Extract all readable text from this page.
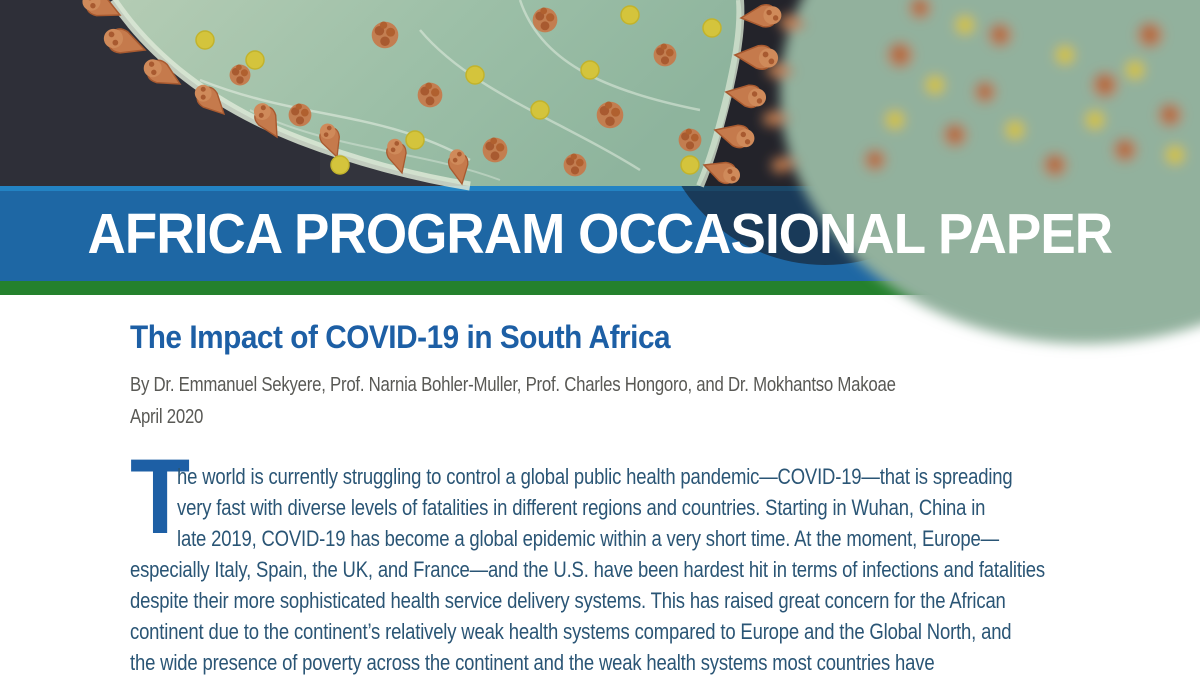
AFRICA PROGRAM OCCASIONAL PAPER
The Impact of COVID-19 in South Africa
By Dr. Emmanuel Sekyere, Prof. Narnia Bohler-Muller, Prof. Charles Hongoro, and Dr. Mokhantso Makoae
April 2020
T
he world is currently struggling to control a global public health pandemic—COVID-19—that is spreading
very fast with diverse levels of fatalities in different regions and countries. Starting in Wuhan, China in
late 2019, COVID-19 has become a global epidemic within a very short time. At the moment, Europe—
especially Italy, Spain, the UK, and France—and the U.S. have been hardest hit in terms of infections and fatalities
despite their more sophisticated health service delivery systems. This has raised great concern for the African
continent due to the continent’s relatively weak health systems compared to Europe and the Global North, and
the wide presence of poverty across the continent and the weak health systems most countries have
